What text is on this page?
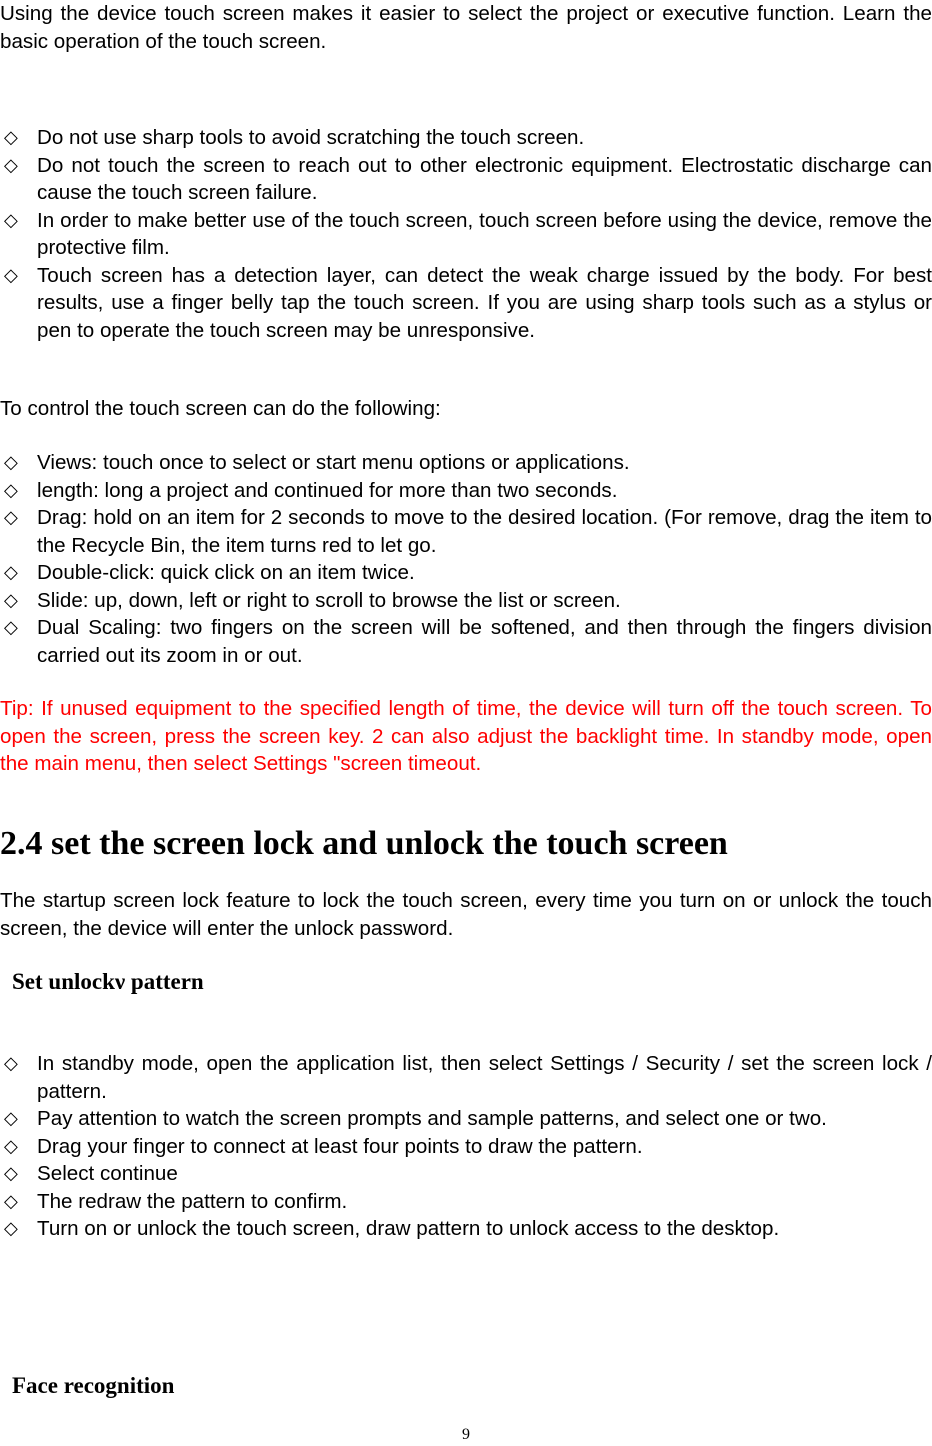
Using the device touch screen makes it easier to select the project or executive function. Learn the basic operation of the touch screen.

◇ Do not use sharp tools to avoid scratching the touch screen.
◇ Do not touch the screen to reach out to other electronic equipment. Electrostatic discharge can cause the touch screen failure.
◇ In order to make better use of the touch screen, touch screen before using the device, remove the protective film.
◇ Touch screen has a detection layer, can detect the weak charge issued by the body. For best results, use a finger belly tap the touch screen. If you are using sharp tools such as a stylus or pen to operate the touch screen may be unresponsive.

To control the touch screen can do the following:

◇ Views: touch once to select or start menu options or applications.
◇ length: long a project and continued for more than two seconds.
◇ Drag: hold on an item for 2 seconds to move to the desired location. (For remove, drag the item to the Recycle Bin, the item turns red to let go.
◇ Double-click: quick click on an item twice.
◇ Slide: up, down, left or right to scroll to browse the list or screen.
◇ Dual Scaling: two fingers on the screen will be softened, and then through the fingers division carried out its zoom in or out.

Tip: If unused equipment to the specified length of time, the device will turn off the touch screen. To open the screen, press the screen key. 2 can also adjust the backlight time. In standby mode, open the main menu, then select Settings "screen timeout.

2.4 set the screen lock and unlock the touch screen

The startup screen lock feature to lock the touch screen, every time you turn on or unlock the touch screen, the device will enter the unlock password.

Set unlockν pattern
◇ In standby mode, open the application list, then select Settings / Security / set the screen lock / pattern.
◇ Pay attention to watch the screen prompts and sample patterns, and select one or two.
◇ Drag your finger to connect at least four points to draw the pattern.
◇ Select continue
◇ The redraw the pattern to confirm.
◇ Turn on or unlock the touch screen, draw pattern to unlock access to the desktop.
Face recognition
9
